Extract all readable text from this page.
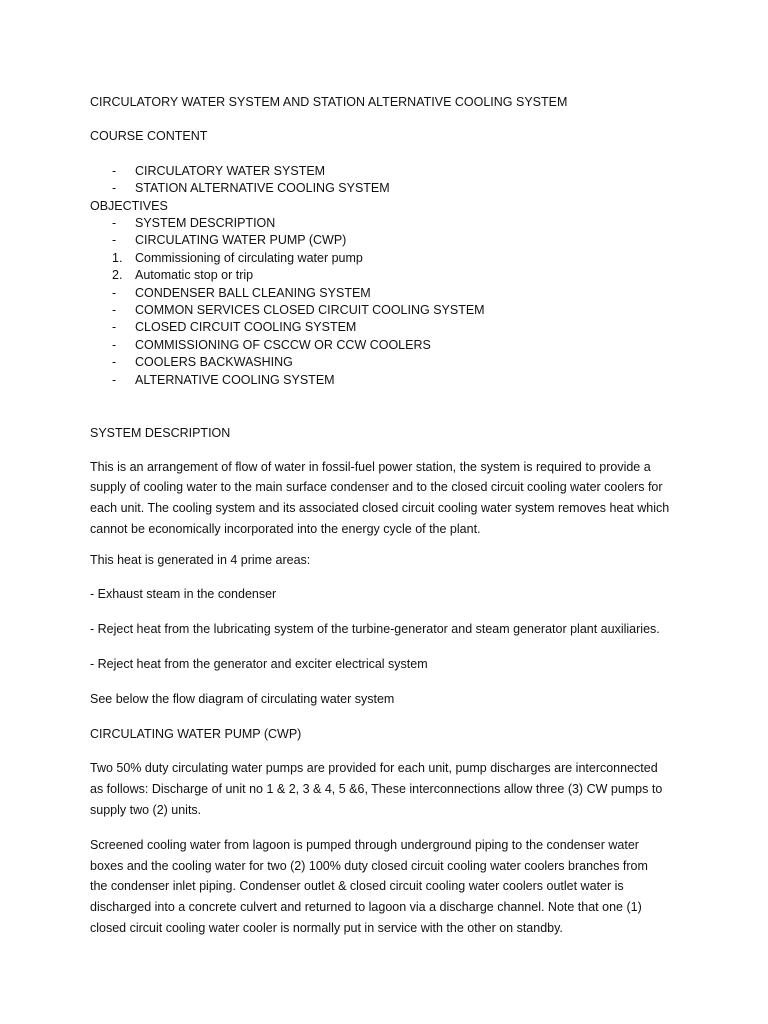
CIRCULATORY WATER SYSTEM AND STATION ALTERNATIVE COOLING SYSTEM
COURSE CONTENT
-	CIRCULATORY WATER SYSTEM
-	STATION ALTERNATIVE COOLING SYSTEM
OBJECTIVES
-	SYSTEM DESCRIPTION
-	CIRCULATING WATER PUMP (CWP)
1.	Commissioning of circulating water pump
2.	Automatic stop or trip
-	CONDENSER BALL CLEANING SYSTEM
-	COMMON SERVICES CLOSED CIRCUIT COOLING SYSTEM
-	CLOSED CIRCUIT COOLING SYSTEM
-	COMMISSIONING OF CSCCW OR CCW COOLERS
-	COOLERS BACKWASHING
-	ALTERNATIVE COOLING SYSTEM
SYSTEM DESCRIPTION
This is an arrangement of flow of water in fossil-fuel power station, the system is required to provide a
supply of cooling water to the main surface condenser and to the closed circuit cooling water coolers for
each unit. The cooling system and its associated closed circuit cooling water system removes heat which
cannot be economically incorporated into the energy cycle of the plant.
This heat is generated in 4 prime areas:
- Exhaust steam in the condenser
- Reject heat from the lubricating system of the turbine-generator and steam generator plant auxiliaries.
- Reject heat from the generator and exciter electrical system
See below the flow diagram of circulating water system
CIRCULATING WATER PUMP (CWP)
Two 50% duty circulating water pumps are provided for each unit, pump discharges are interconnected
as follows: Discharge of unit no 1 & 2, 3 & 4, 5 &6, These interconnections allow three (3) CW pumps to
supply two (2) units.
Screened cooling water from lagoon is pumped through underground piping to the condenser water
boxes and the cooling water for two (2) 100% duty closed circuit cooling water coolers branches from
the condenser inlet piping. Condenser outlet & closed circuit cooling water coolers outlet water is
discharged into a concrete culvert and returned to lagoon via a discharge channel. Note that one (1)
closed circuit cooling water cooler is normally put in service with the other on standby.
